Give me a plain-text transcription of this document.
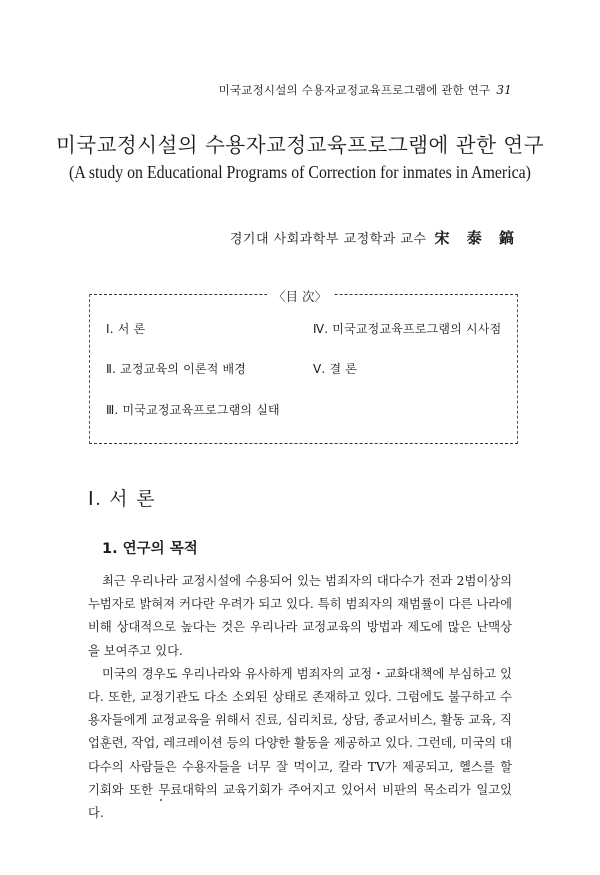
미국교정시설의 수용자교정교육프로그램에 관한 연구 31
미국교정시설의 수용자교정교육프로그램에 관한 연구
(A study on Educational Programs of Correction for inmates in America)
경기대 사회과학부 교정학과 교수 宋 泰 鎬
〈目 次〉
Ⅰ. 서 론	Ⅳ. 미국교정교육프로그램의 시사점
Ⅱ. 교정교육의 이론적 배경	Ⅴ. 결 론
Ⅲ. 미국교정교육프로그램의 실태
Ⅰ. 서 론
1. 연구의 목적

최근 우리나라 교정시설에 수용되어 있는 범죄자의 대다수가 전과 2범이상의 누범자로 밝혀져 커다란 우려가 되고 있다. 특히 범죄자의 재범률이 다른 나라에 비해 상대적으로 높다는 것은 우리나라 교정교육의 방법과 제도에 많은 난맥상을 보여주고 있다.

미국의 경우도 우리나라와 유사하게 범죄자의 교정・교화대책에 부심하고 있다. 또한, 교정기관도 다소 소외된 상태로 존재하고 있다. 그럼에도 불구하고 수용자들에게 교정교육을 위해서 진료, 심리치료, 상담, 종교서비스, 활동 교육, 직업훈련, 작업, 레크레이션 등의 다양한 활동을 제공하고 있다. 그런데, 미국의 대다수의 사람들은 수용자들을 너무 잘 먹이고, 칼라 TV가 제공되고, 헬스를 할 기회와 또한 무료대학의 교육기회가 주어지고 있어서 비판의 목소리가 일고있다.
